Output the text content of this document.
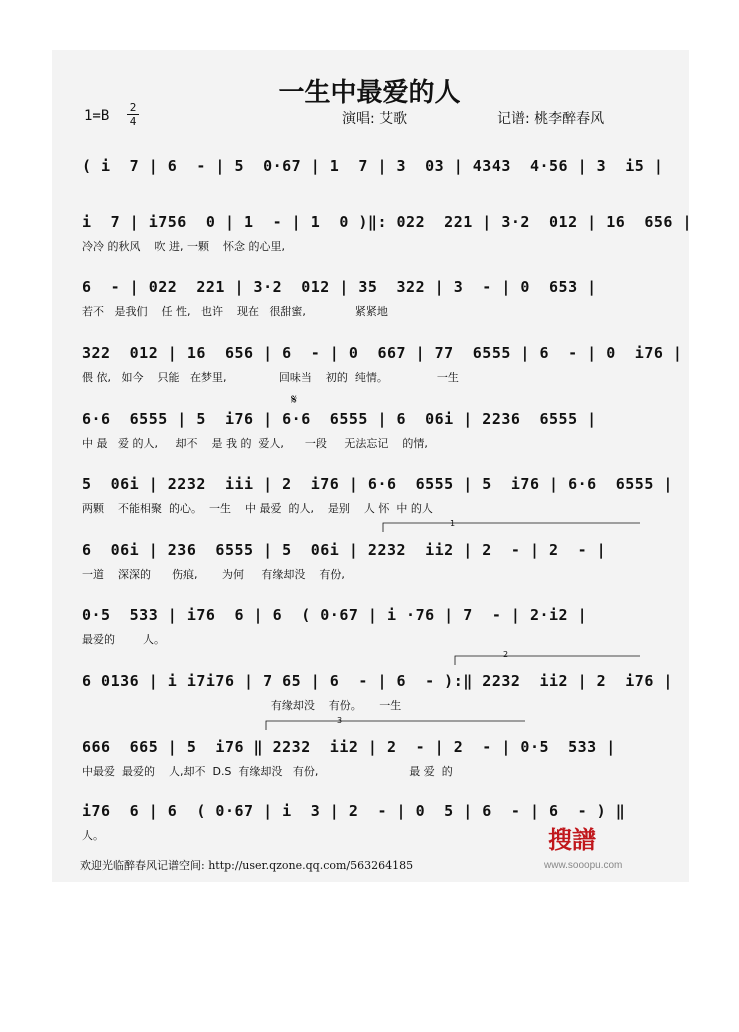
一生中最爱的人
1=B
2
4	演唱: 艾歌	记谱: 桃李醉春风
( i  7 | 6  - | 5  0·67 | 1  7 | 3  03 | 4343  4·56 | 3  i5 |
i  7 | i756  0 | 1  - | 1  0 )‖: 022  221 | 3·2  012 | 16  656 |
冷冷 的秋风    吹 进, 一颗    怀念 的心里,
6  - | 022  221 | 3·2  012 | 35  322 | 3  - | 0  653 |
若不   是我们    任 性,   也许    现在   很甜蜜,              紧紧地
322  012 | 16  656 | 6  - | 0  667 | 77  6555 | 6  - | 0  i76 |
偎 依,   如今    只能   在梦里,               回味当    初的  纯情。              一生
6·6  6555 | 5  i76 | 6·6  6555 | 6  06i | 2236  6555 |
中 最   爱 的人,     却不    是 我 的  爱人,      一段     无法忘记    的情,
5  06i | 2232  iii | 2  i76 | 6·6  6555 | 5  i76 | 6·6  6555 |
两颗    不能相聚  的心。  一生    中 最爱  的人,    是别    人 怀  中 的人
6  06i | 236  6555 | 5  06i | 2232  ii2 | 2  - | 2  - |
一道    深深的      伤痕,       为何     有缘却没    有份,
0·5  533 | i76  6 | 6  ( 0·67 | i ·76 | 7  - | 2·i2 |
最爱的        人。
6 0136 | i i7i76 | 7 65 | 6  - | 6  - ):‖ 2232  ii2 | 2  i76 |
有缘却没    有份。     一生
666  665 | 5  i76 ‖ 2232  ii2 | 2  - | 2  - | 0·5  533 |
中最爱  最爱的    人,却不  D.S  有缘却没   有份,                          最 爱  的
i76  6 | 6  ( 0·67 | i  3 | 2  - | 0  5 | 6  - | 6  - ) ‖
人。
𝄋
1
2
3
欢迎光临醉春风记谱空间: http://user.qzone.qq.com/563264185
搜譜
www.sooopu.com
